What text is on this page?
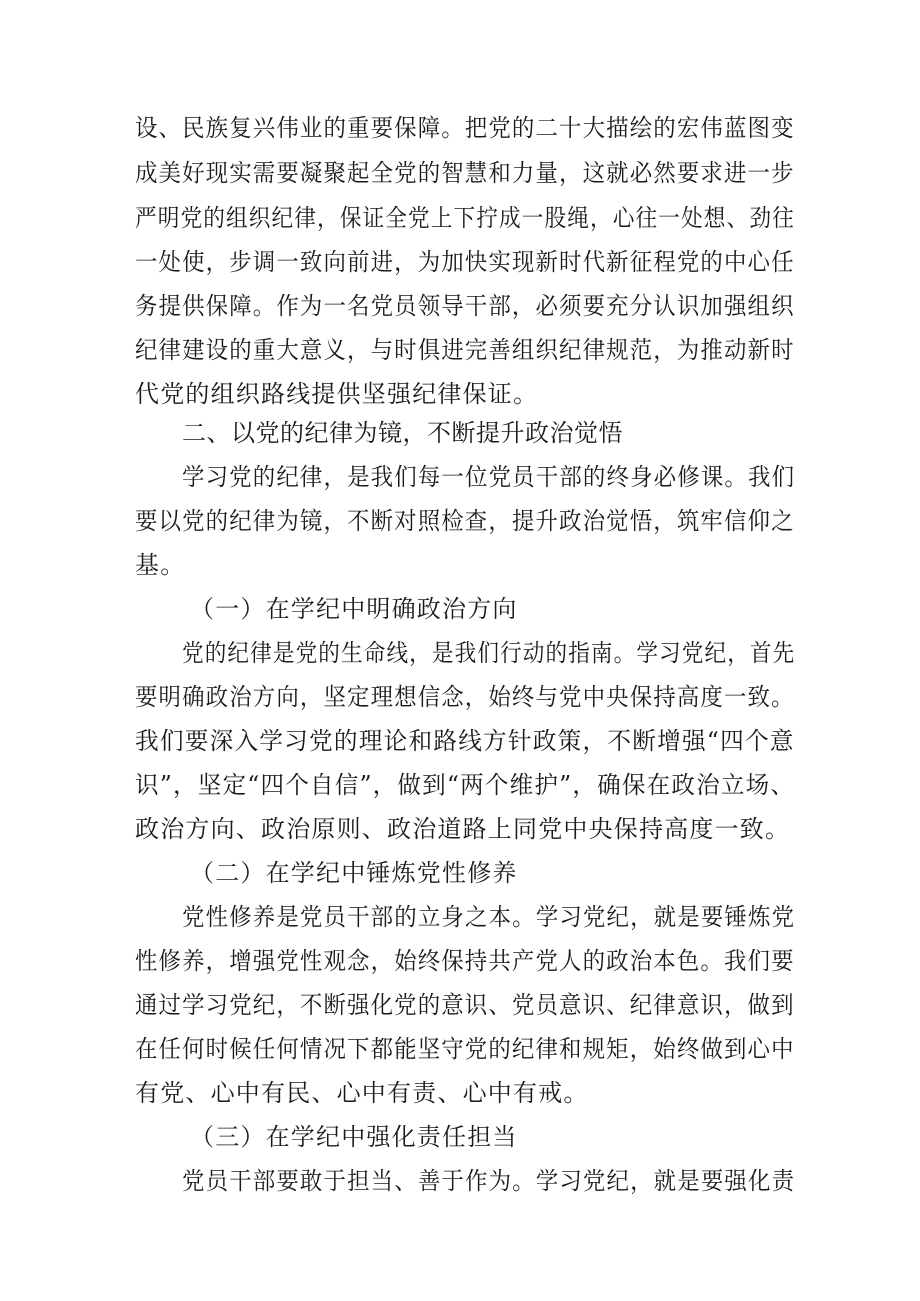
设、民族复兴伟业的重要保障。把党的二十大描绘的宏伟蓝图变
成美好现实需要凝聚起全党的智慧和力量，这就必然要求进一步
严明党的组织纪律，保证全党上下拧成一股绳，心往一处想、劲往
一处使，步调一致向前进，为加快实现新时代新征程党的中心任
务提供保障。作为一名党员领导干部，必须要充分认识加强组织
纪律建设的重大意义，与时俱进完善组织纪律规范，为推动新时
代党的组织路线提供坚强纪律保证。
二、以党的纪律为镜，不断提升政治觉悟
学习党的纪律，是我们每一位党员干部的终身必修课。我们
要以党的纪律为镜，不断对照检查，提升政治觉悟，筑牢信仰之
基。
（一）在学纪中明确政治方向
党的纪律是党的生命线，是我们行动的指南。学习党纪，首先
要明确政治方向，坚定理想信念，始终与党中央保持高度一致。
我们要深入学习党的理论和路线方针政策，不断增强“四个意
识”，坚定“四个自信”，做到“两个维护”，确保在政治立场、
政治方向、政治原则、政治道路上同党中央保持高度一致。
（二）在学纪中锤炼党性修养
党性修养是党员干部的立身之本。学习党纪，就是要锤炼党
性修养，增强党性观念，始终保持共产党人的政治本色。我们要
通过学习党纪，不断强化党的意识、党员意识、纪律意识，做到
在任何时候任何情况下都能坚守党的纪律和规矩，始终做到心中
有党、心中有民、心中有责、心中有戒。
（三）在学纪中强化责任担当
党员干部要敢于担当、善于作为。学习党纪，就是要强化责
